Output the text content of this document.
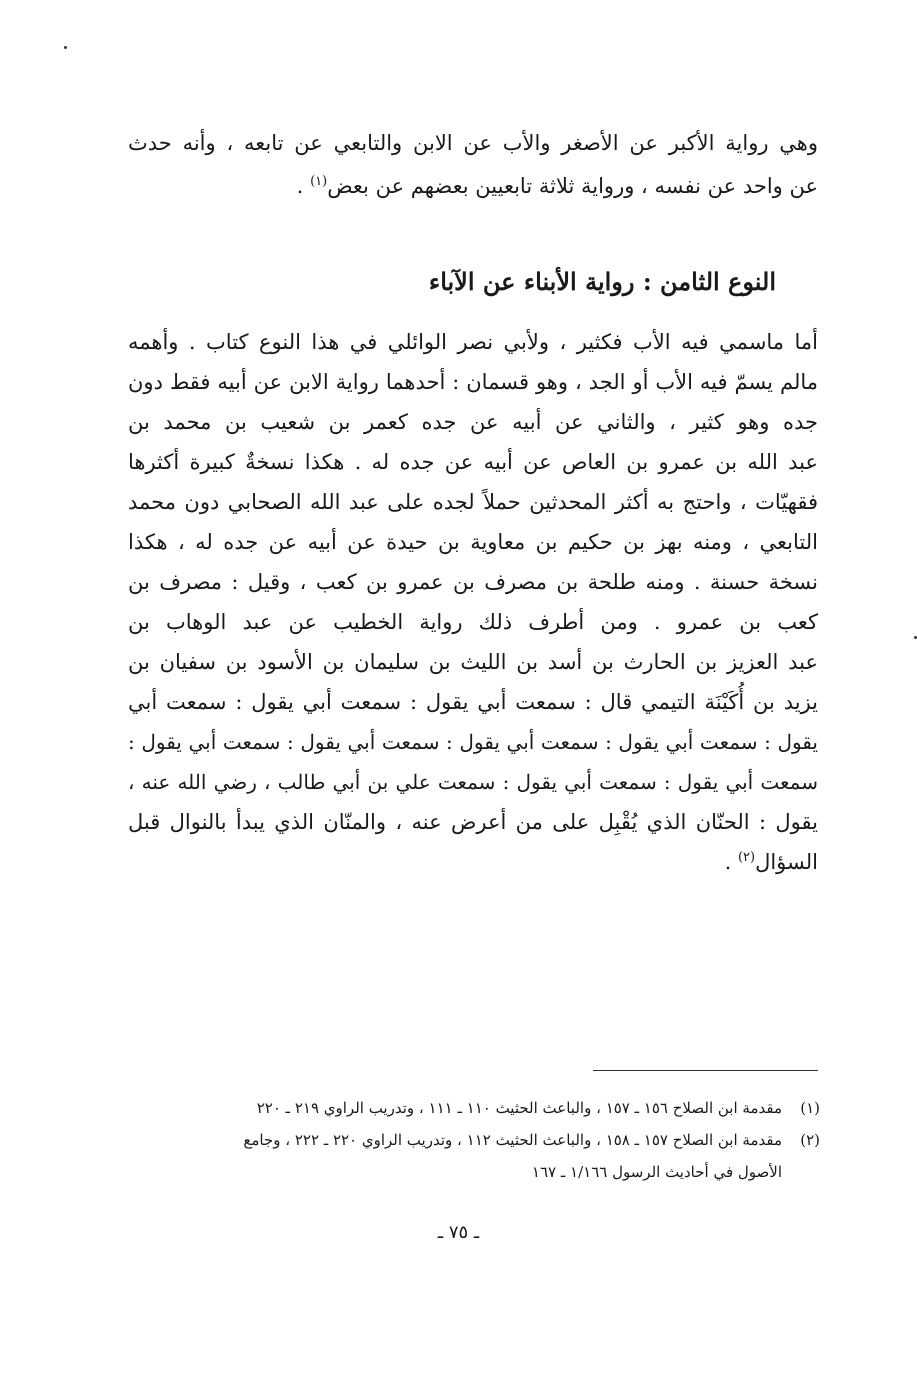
وهي رواية الأكبر عن الأصغر والأب عن الابن والتابعي عن تابعه ، وأنه حدث
عن واحد عن نفسه ، ورواية ثلاثة تابعيين بعضهم عن بعض$^{(١)}$ .
النوع الثامن : رواية الأبناء عن الآباء
أما ماسمي فيه الأب فكثير ، ولأبي نصر الوائلي في هذا النوع كتاب . وأهمه
مالم يسمّ فيه الأب أو الجد ، وهو قسمان : أحدهما رواية الابن عن أبيه فقط دون
جده وهو كثير ، والثاني عن أبيه عن جده كعمر بن شعيب بن محمد بن
عبد الله بن عمرو بن العاص عن أبيه عن جده له . هكذا نسخةٌ كبيرة أكثرها
فقهيّات ، واحتج به أكثر المحدثين حملاً لجده على عبد الله الصحابي دون محمد
التابعي ، ومنه بهز بن حكيم بن معاوية بن حيدة عن أبيه عن جده له ، هكذا
نسخة حسنة . ومنه طلحة بن مصرف بن عمرو بن كعب ، وقيل : مصرف بن
كعب بن عمرو . ومن أطرف ذلك رواية الخطيب عن عبد الوهاب بن
عبد العزيز بن الحارث بن أسد بن الليث بن سليمان بن الأسود بن سفيان بن
يزيد بن أُكَيْنَة التيمي قال : سمعت أبي يقول : سمعت أبي يقول : سمعت أبي
يقول : سمعت أبي يقول : سمعت أبي يقول : سمعت أبي يقول : سمعت أبي يقول :
سمعت أبي يقول : سمعت أبي يقول : سمعت علي بن أبي طالب ، رضي الله عنه ،
يقول : الحنّان الذي يُقْبِل على من أعرض عنه ، والمنّان الذي يبدأ بالنوال قبل
السؤال$^{(٢)}$ .
(١)
مقدمة ابن الصلاح ١٥٦ ـ ١٥٧ ، والباعث الحثيث ١١٠ ـ ١١١ ، وتدريب الراوي ٢١٩ ـ ٢٢٠
(٢)
مقدمة ابن الصلاح ١٥٧ ـ ١٥٨ ، والباعث الحثيث ١١٢ ، وتدريب الراوي ٢٢٠ ـ ٢٢٢ ، وجامع
الأصول في أحاديث الرسول ١/١٦٦ ـ ١٦٧
ـ ٧٥ ـ
